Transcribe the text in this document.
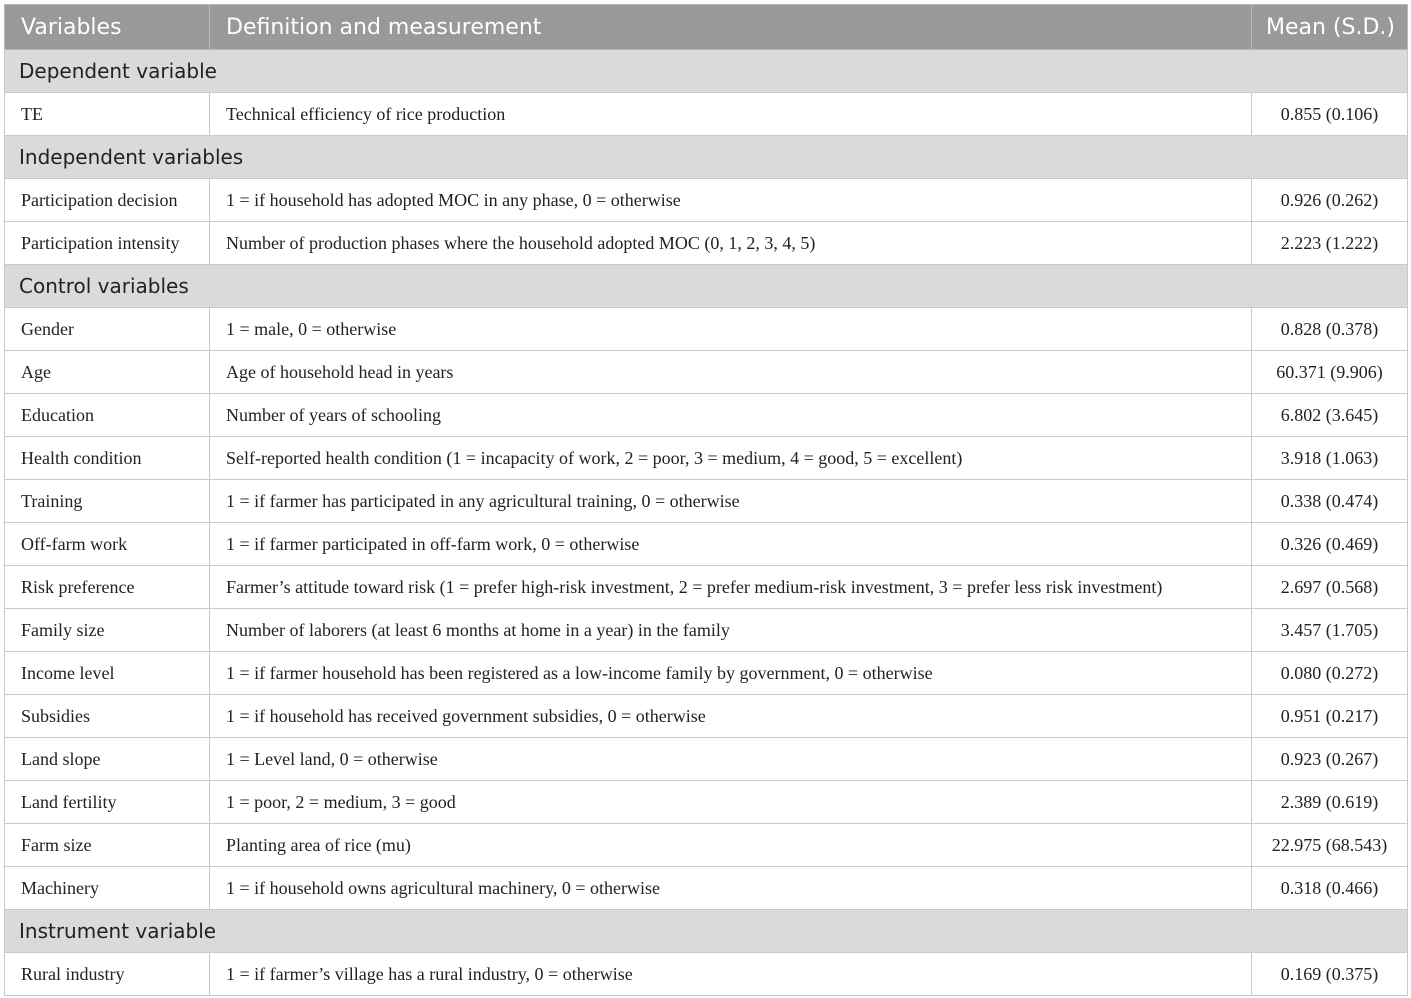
Variables	Definition and measurement	Mean (S.D.)
Dependent variable		
TE	Technical efficiency of rice production	0.855 (0.106)
Independent variables		
Participation decision	1 = if household has adopted MOC in any phase, 0 = otherwise	0.926 (0.262)
Participation intensity	Number of production phases where the household adopted MOC (0, 1, 2, 3, 4, 5)	2.223 (1.222)
Control variables		
Gender	1 = male, 0 = otherwise	0.828 (0.378)
Age	Age of household head in years	60.371 (9.906)
Education	Number of years of schooling	6.802 (3.645)
Health condition	Self-reported health condition (1 = incapacity of work, 2 = poor, 3 = medium, 4 = good, 5 = excellent)	3.918 (1.063)
Training	1 = if farmer has participated in any agricultural training, 0 = otherwise	0.338 (0.474)
Off-farm work	1 = if farmer participated in off-farm work, 0 = otherwise	0.326 (0.469)
Risk preference	Farmer’s attitude toward risk (1 = prefer high-risk investment, 2 = prefer medium-risk investment, 3 = prefer less risk investment)	2.697 (0.568)
Family size	Number of laborers (at least 6 months at home in a year) in the family	3.457 (1.705)
Income level	1 = if farmer household has been registered as a low-income family by government, 0 = otherwise	0.080 (0.272)
Subsidies	1 = if household has received government subsidies, 0 = otherwise	0.951 (0.217)
Land slope	1 = Level land, 0 = otherwise	0.923 (0.267)
Land fertility	1 = poor, 2 = medium, 3 = good	2.389 (0.619)
Farm size	Planting area of rice (mu)	22.975 (68.543)
Machinery	1 = if household owns agricultural machinery, 0 = otherwise	0.318 (0.466)
Instrument variable		
Rural industry	1 = if farmer’s village has a rural industry, 0 = otherwise	0.169 (0.375)
